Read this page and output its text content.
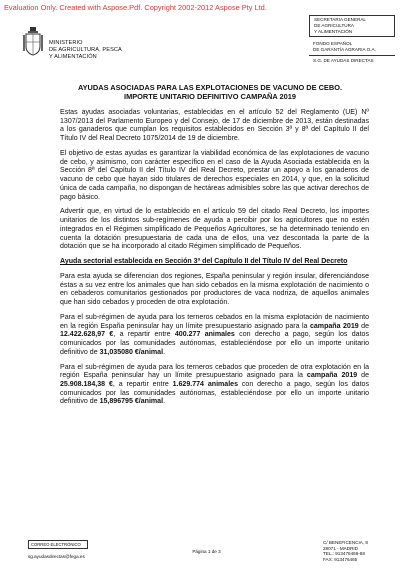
Evaluation Only. Created with Aspose.Pdf. Copyright 2002-2012 Aspose Pty Ltd.
MINISTERIO
DE AGRICULTURA, PESCA
Y ALIMENTACIÓN
SECRETARIA GENERAL
DE AGRICULTURA
Y ALIMENTACIÓN
FONDO ESPAÑOL
DE GARANTÍA AGRARIA O.A.
S.G. DE AYUDAS DIRECTAS
AYUDAS ASOCIADAS PARA LAS EXPLOTACIONES DE VACUNO DE CEBO.
IMPORTE UNITARIO DEFINITIVO CAMPAÑA 2019

Estas ayudas asociadas voluntarias, establecidas en el artículo 52 del Reglamento (UE) Nº 1307/2013 del Parlamento Europeo y del Consejo, de 17 de diciembre de 2013, están destinadas a los ganaderos que cumplan los requisitos establecidos en Sección 3ª y 8ª del Capítulo II del Título IV del Real Decreto 1075/2014 de 19 de diciembre.

El objetivo de estas ayudas es garantizar la viabilidad económica de las explotaciones de vacuno de cebo, y asimismo, con carácter específico en el caso de la Ayuda Asociada establecida en la Sección 8ª del Capítulo II del Título IV del Real Decreto, prestar un apoyo a los ganaderos de vacuno de cebo que hayan sido titulares de derechos especiales en 2014, y que, en la solicitud única de cada campaña, no dispongan de hectáreas admisibles sobre las que activar derechos de pago básico.

Advertir que, en virtud de lo establecido en el artículo 59 del citado Real Decreto, los importes unitarios de los distintos sub-regímenes de ayuda a percibir por los agricultores que no estén integrados en el Régimen simplificado de Pequeños Agricultores, se ha determinado teniendo en cuenta la dotación presupuestaria de cada una de ellos, una vez descontada la parte de la dotación que se ha incorporado al citado Régimen simplificado de Pequeños.

Ayuda sectorial establecida en Sección 3ª del Capítulo II del Título IV del Real Decreto

Para esta ayuda se diferencian dos regiones, España peninsular y región insular, diferenciándose éstas a su vez entre los animales que han sido cebados en la misma explotación de nacimiento o en cebaderos comunitarios gestionados por productores de vaca nodriza, de aquellos animales que han sido cebados y proceden de otra explotación.

Para el sub-régimen de ayuda para los terneros cebados en la misma explotación de nacimiento en la región España peninsular hay un límite presupuestario asignado para la campaña 2019 de 12.422.628,97 €, a repartir entre 400.277 animales con derecho a pago, según los datos comunicados por las comunidades autónomas, estableciéndose por ello un importe unitario definitivo de 31,035080 €/animal.

Para el sub-régimen de ayuda para los terneros cebados que proceden de otra explotación en la región España peninsular hay un límite presupuestario asignado para la campaña 2019 de 25.908.184,38 €, a repartir entre 1.629.774 animales con derecho a pago, según los datos comunicados por las comunidades autónomas, estableciéndose por ello un importe unitario definitivo de 15,896795 €/animal.

CORREO ELECTRÓNICO
sg.ayudasdirectas@fega.es
Página 1 de 3
C/ BENEFICENCIA, 8
28071 - MADRID
TEL.: 913476466-68
FAX: 913476465
